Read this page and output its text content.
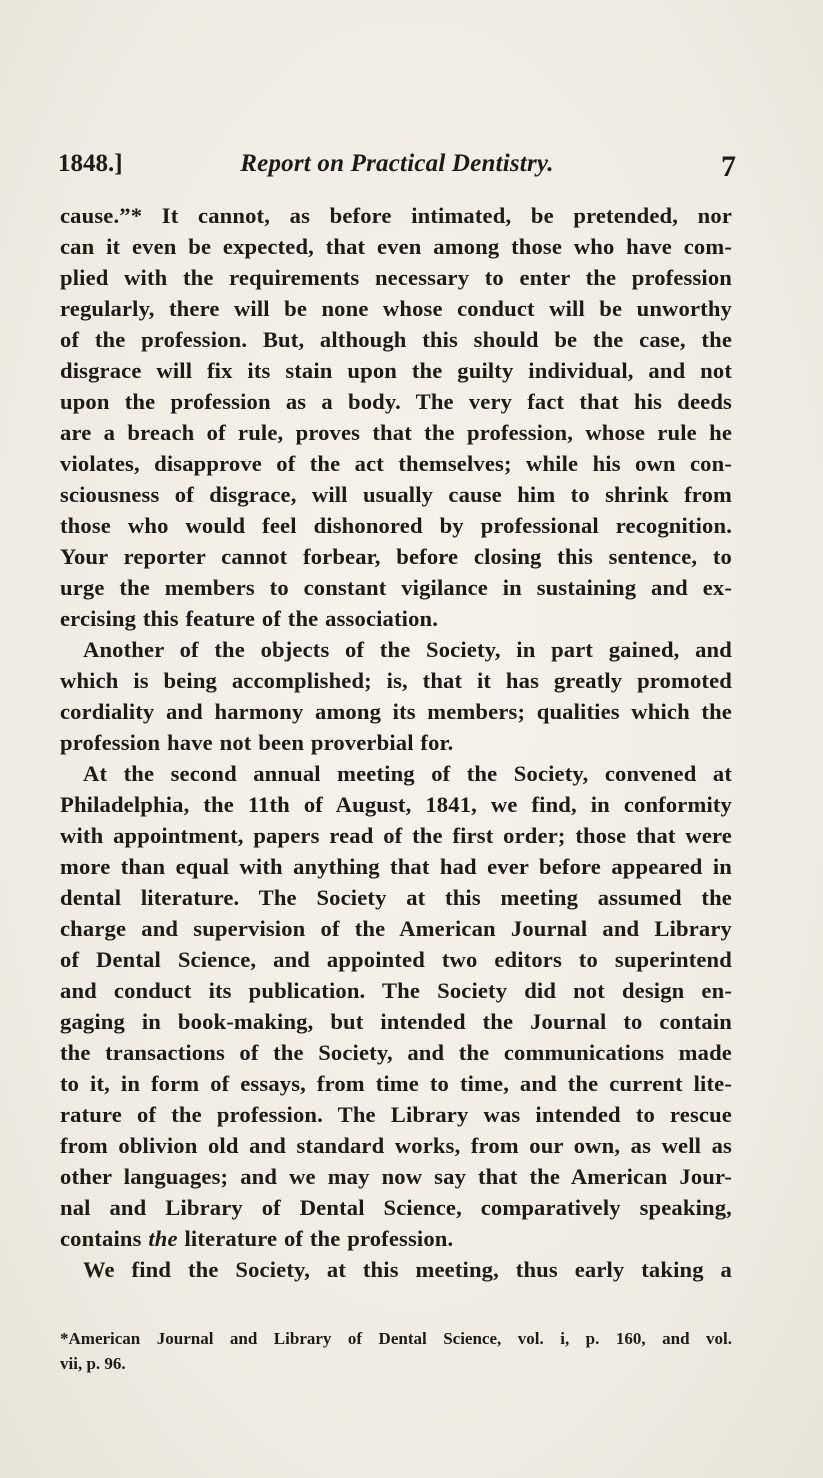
1848.]	Report on Practical Dentistry.	7

cause.”* It cannot, as before intimated, be pretended, nor
can it even be expected, that even among those who have com-
plied with the requirements necessary to enter the profession
regularly, there will be none whose conduct will be unworthy
of the profession. But, although this should be the case, the
disgrace will fix its stain upon the guilty individual, and not
upon the profession as a body. The very fact that his deeds
are a breach of rule, proves that the profession, whose rule he
violates, disapprove of the act themselves; while his own con-
sciousness of disgrace, will usually cause him to shrink from
those who would feel dishonored by professional recognition.
Your reporter cannot forbear, before closing this sentence, to
urge the members to constant vigilance in sustaining and ex-
ercising this feature of the association.

Another of the objects of the Society, in part gained, and
which is being accomplished; is, that it has greatly promoted
cordiality and harmony among its members; qualities which the
profession have not been proverbial for.

At the second annual meeting of the Society, convened at
Philadelphia, the 11th of August, 1841, we find, in conformity
with appointment, papers read of the first order; those that were
more than equal with anything that had ever before appeared in
dental literature. The Society at this meeting assumed the
charge and supervision of the American Journal and Library
of Dental Science, and appointed two editors to superintend
and conduct its publication. The Society did not design en-
gaging in book-making, but intended the Journal to contain
the transactions of the Society, and the communications made
to it, in form of essays, from time to time, and the current lite-
rature of the profession. The Library was intended to rescue
from oblivion old and standard works, from our own, as well as
other languages; and we may now say that the American Jour-
nal and Library of Dental Science, comparatively speaking,
contains the literature of the profession.

We find the Society, at this meeting, thus early taking a

*American Journal and Library of Dental Science, vol. i, p. 160, and vol.
vii, p. 96.
